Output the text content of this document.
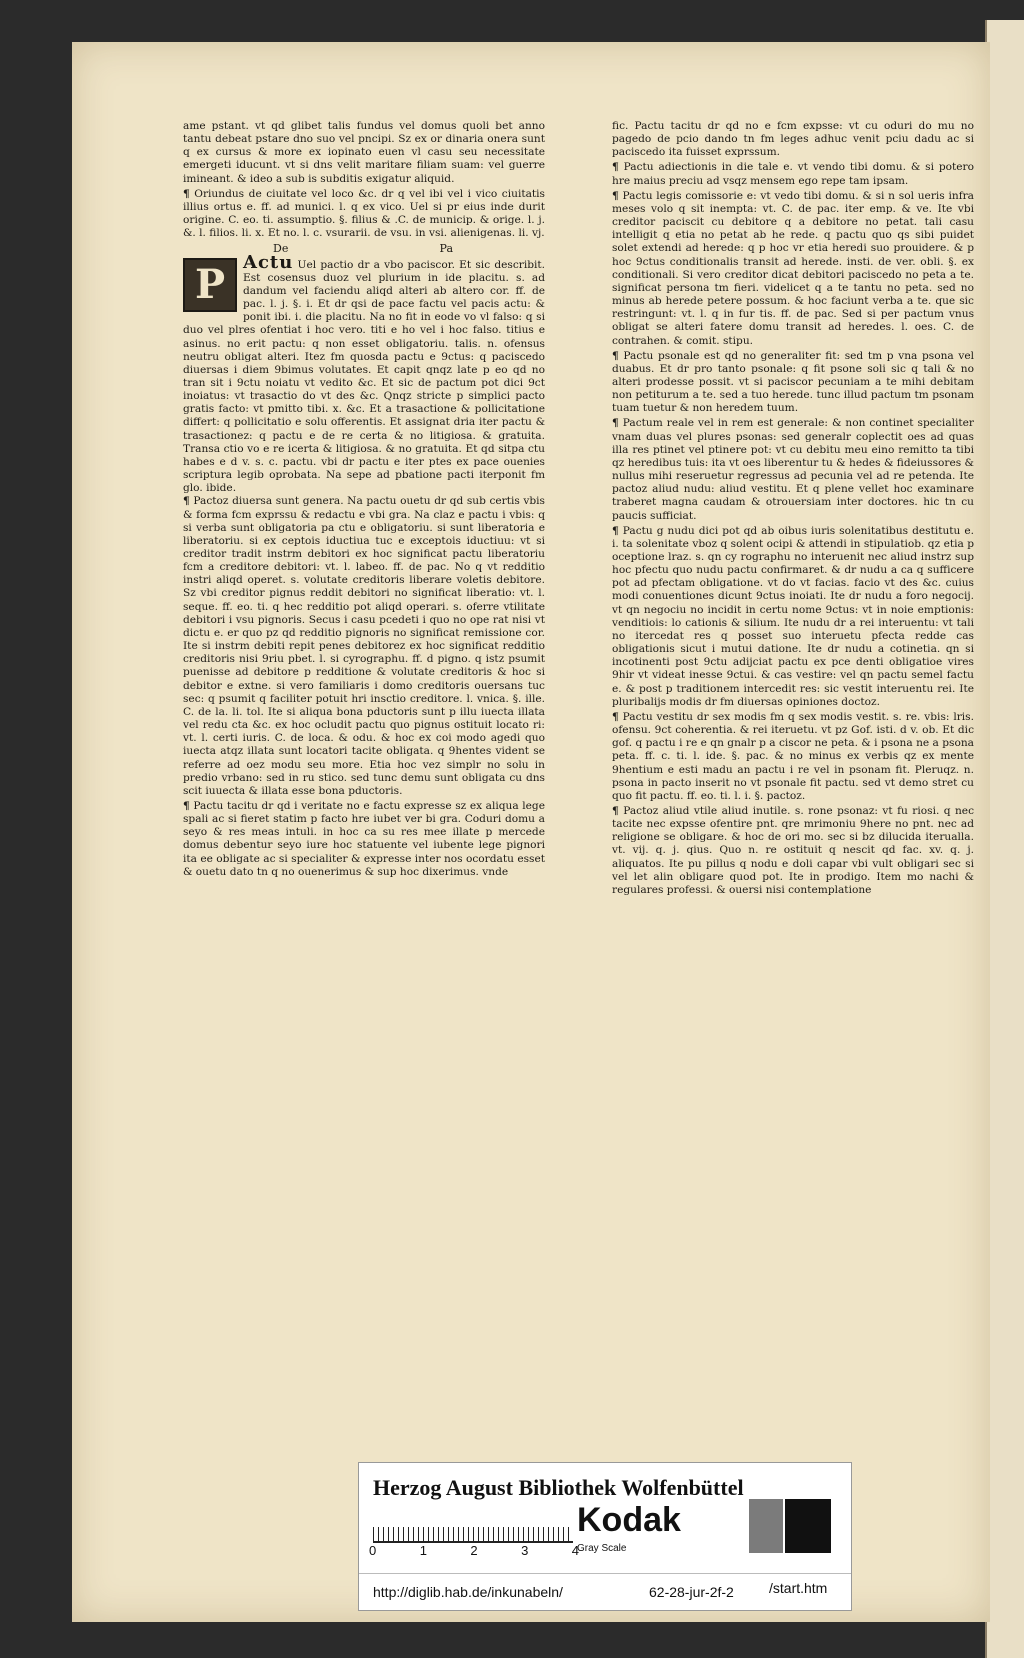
ame pstant. vt qd glibet talis fundus vel domus quoli bet anno tantu debeat pstare dno suo vel pncipi. Sz ex or dinaria onera sunt q ex cursus & more ex iopinato euen vl casu seu necessitate emergeti iducunt. vt si dns velit maritare filiam suam: vel guerre imineant. & ideo a sub is subditis exigatur aliquid.

¶ Oriundus de ciuitate vel loco &c. dr q vel ibi vel i vico ciuitatis illius ortus e. ff. ad munici. l. q ex vico. Uel si pr eius inde durit origine. C. eo. ti. assumptio. §. filius & .C. de municip. & orige. l. j. &. l. filios. li. x. Et no. l. c. vsurarii. de vsu. in vsi. alienigenas. li. vj.

De	Pa
P Actu Uel pactio dr a vbo paciscor. Et sic describit. Est cosensus duoz vel plurium in ide placitu. s. ad dandum vel faciendu aliqd alteri ab altero cor. ff. de pac. l. j. §. i. Et dr qsi de pace factu vel pacis actu: & ponit ibi. i. die placitu. Na no fit in eode vo vl falso: q si duo vel plres ofentiat i hoc vero. titi e ho vel i hoc falso. titius e asinus. no erit pactu: q non esset obligatoriu. talis. n. ofensus neutru obligat alteri. Itez fm quosda pactu e 9ctus: q paciscedo diuersas i diem 9bimus volutates. Et capit qnqz late p eo qd no tran sit i 9ctu noiatu vt vedito &c. Et sic de pactum pot dici 9ct inoiatus: vt trasactio do vt des &c. Qnqz stricte p simplici pacto gratis facto: vt pmitto tibi. x. &c. Et a trasactione & pollicitatione differt: q pollicitatio e solu offerentis. Et assignat dria iter pactu & trasactionez: q pactu e de re certa & no litigiosa. & gratuita. Transa ctio vo e re icerta & litigiosa. & no gratuita. Et qd sitpa ctu habes e d v. s. c. pactu. vbi dr pactu e iter ptes ex pace ouenies scriptura legib oprobata. Na sepe ad pbatione pacti iterponit fm glo. ibide.

¶ Pactoz diuersa sunt genera. Na pactu ouetu dr qd sub certis vbis & forma fcm exprssu & redactu e vbi gra. Na claz e pactu i vbis: q si verba sunt obligatoria pa ctu e obligatoriu. si sunt liberatoria e liberatoriu. si ex ceptois iductiua tuc e exceptois iductiuu: vt si creditor tradit instrm debitori ex hoc significat pactu liberatoriu fcm a creditore debitori: vt. l. labeo. ff. de pac. No q vt redditio instri aliqd operet. s. volutate creditoris liberare voletis debitore. Sz vbi creditor pignus reddit debitori no significat liberatio: vt. l. seque. ff. eo. ti. q hec redditio pot aliqd operari. s. oferre vtilitate debitori i vsu pignoris. Secus i casu pcedeti i quo no ope rat nisi vt dictu e. er quo pz qd redditio pignoris no significat remissione cor. Ite si instrm debiti repit penes debitorez ex hoc significat redditio creditoris nisi 9riu pbet. l. si cyrographu. ff. d pigno. q istz psumit puenisse ad debitore p redditione & volutate creditoris & hoc si debitor e extne. si vero familiaris i domo creditoris ouersans tuc sec: q psumit q faciliter potuit hri insctio creditore. l. vnica. §. ille. C. de la. li. tol. Ite si aliqua bona pductoris sunt p illu iuecta illata vel redu cta &c. ex hoc ocludit pactu quo pignus ostituit locato ri: vt. l. certi iuris. C. de loca. & odu. & hoc ex coi modo agedi quo iuecta atqz illata sunt locatori tacite obligata. q 9hentes vident se referre ad oez modu seu more. Etia hoc vez simplr no solu in predio vrbano: sed in ru stico. sed tunc demu sunt obligata cu dns scit iuuecta & illata esse bona pductoris.

¶ Pactu tacitu dr qd i veritate no e factu expresse sz ex aliqua lege spali ac si fieret statim p facto hre iubet ver bi gra. Coduri domu a seyo & res meas intuli. in hoc ca su res mee illate p mercede domus debentur seyo iure hoc statuente vel iubente lege pignori ita ee obligate ac si specialiter & expresse inter nos ocordatu esset & ouetu dato tn q no ouenerimus & sup hoc dixerimus. vnde

fic. Pactu tacitu dr qd no e fcm expsse: vt cu oduri do mu no pagedo de pcio dando tn fm leges adhuc venit pciu dadu ac si paciscedo ita fuisset exprssum.

¶ Pactu adiectionis in die tale e. vt vendo tibi domu. & si potero hre maius preciu ad vsqz mensem ego repe tam ipsam.

¶ Pactu legis comissorie e: vt vedo tibi domu. & si n sol ueris infra meses volo q sit inempta: vt. C. de pac. iter emp. & ve. Ite vbi creditor paciscit cu debitore q a debitore no petat. tali casu intelligit q etia no petat ab he rede. q pactu quo qs sibi puidet solet extendi ad herede: q p hoc vr etia heredi suo prouidere. & p hoc 9ctus conditionalis transit ad herede. insti. de ver. obli. §. ex conditionali. Si vero creditor dicat debitori paciscedo no peta a te. significat persona tm fieri. videlicet q a te tantu no peta. sed no minus ab herede petere possum. & hoc faciunt verba a te. que sic restringunt: vt. l. q in fur tis. ff. de pac. Sed si per pactum vnus obligat se alteri fatere domu transit ad heredes. l. oes. C. de contrahen. & comit. stipu.

¶ Pactu psonale est qd no generaliter fit: sed tm p vna psona vel duabus. Et dr pro tanto psonale: q fit psone soli sic q tali & no alteri prodesse possit. vt si paciscor pecuniam a te mihi debitam non petiturum a te. sed a tuo herede. tunc illud pactum tm psonam tuam tuetur & non heredem tuum.

¶ Pactum reale vel in rem est generale: & non continet specialiter vnam duas vel plures psonas: sed generalr coplectit oes ad quas illa res ptinet vel ptinere pot: vt cu debitu meu eino remitto ta tibi qz heredibus tuis: ita vt oes liberentur tu & hedes & fideiussores & nullus mihi reseruetur regressus ad pecunia vel ad re petenda. Ite pactoz aliud nudu: aliud vestitu. Et q plene vellet hoc examinare traberet magna caudam & otrouersiam inter doctores. hic tn cu paucis sufficiat.

¶ Pactu g nudu dici pot qd ab oibus iuris solenitatibus destitutu e. i. ta solenitate vboz q solent ocipi & attendi in stipulatiob. qz etia p oceptione lraz. s. qn cy rographu no interuenit nec aliud instrz sup hoc pfectu quo nudu pactu confirmaret. & dr nudu a ca q sufficere pot ad pfectam obligatione. vt do vt facias. facio vt des &c. cuius modi conuentiones dicunt 9ctus inoiati. Ite dr nudu a foro negocij. vt qn negociu no incidit in certu nome 9ctus: vt in noie emptionis: venditiois: lo cationis & silium. Ite nudu dr a rei interuentu: vt tali no itercedat res q posset suo interuetu pfecta redde cas obligationis sicut i mutui datione. Ite dr nudu a cotinetia. qn si incotinenti post 9ctu adijciat pactu ex pce denti obligatioe vires 9hir vt videat inesse 9ctui. & cas vestire: vel qn pactu semel factu e. & post p traditionem intercedit res: sic vestit interuentu rei. Ite pluribalijs modis dr fm diuersas opiniones doctoz.

¶ Pactu vestitu dr sex modis fm q sex modis vestit. s. re. vbis: lris. ofensu. 9ct coherentia. & rei iteruetu. vt pz Gof. isti. d v. ob. Et dic gof. q pactu i re e qn gnalr p a ciscor ne peta. & i psona ne a psona peta. ff. c. ti. l. ide. §. pac. & no minus ex verbis qz ex mente 9hentium e esti madu an pactu i re vel in psonam fit. Pleruqz. n. psona in pacto inserit no vt psonale fit pactu. sed vt demo stret cu quo fit pactu. ff. eo. ti. l. i. §. pactoz.

¶ Pactoz aliud vtile aliud inutile. s. rone psonaz: vt fu riosi. q nec tacite nec expsse ofentire pnt. qre mrimoniu 9here no pnt. nec ad religione se obligare. & hoc de ori mo. sec si bz dilucida iterualla. vt. vij. q. j. qius. Quo n. re ostituit q nescit qd fac. xv. q. j. aliquatos. Ite pu pillus q nodu e doli capar vbi vult obligari sec si vel let alin obligare quod pot. Ite in prodigo. Item mo nachi & regulares professi. & ouersi nisi contemplatione

Herzog August Bibliothek Wolfenbüttel
0	1	2	3	4
Kodak
Gray Scale
http://diglib.hab.de/inkunabeln/	62-28-jur-2f-2	/start.htm
